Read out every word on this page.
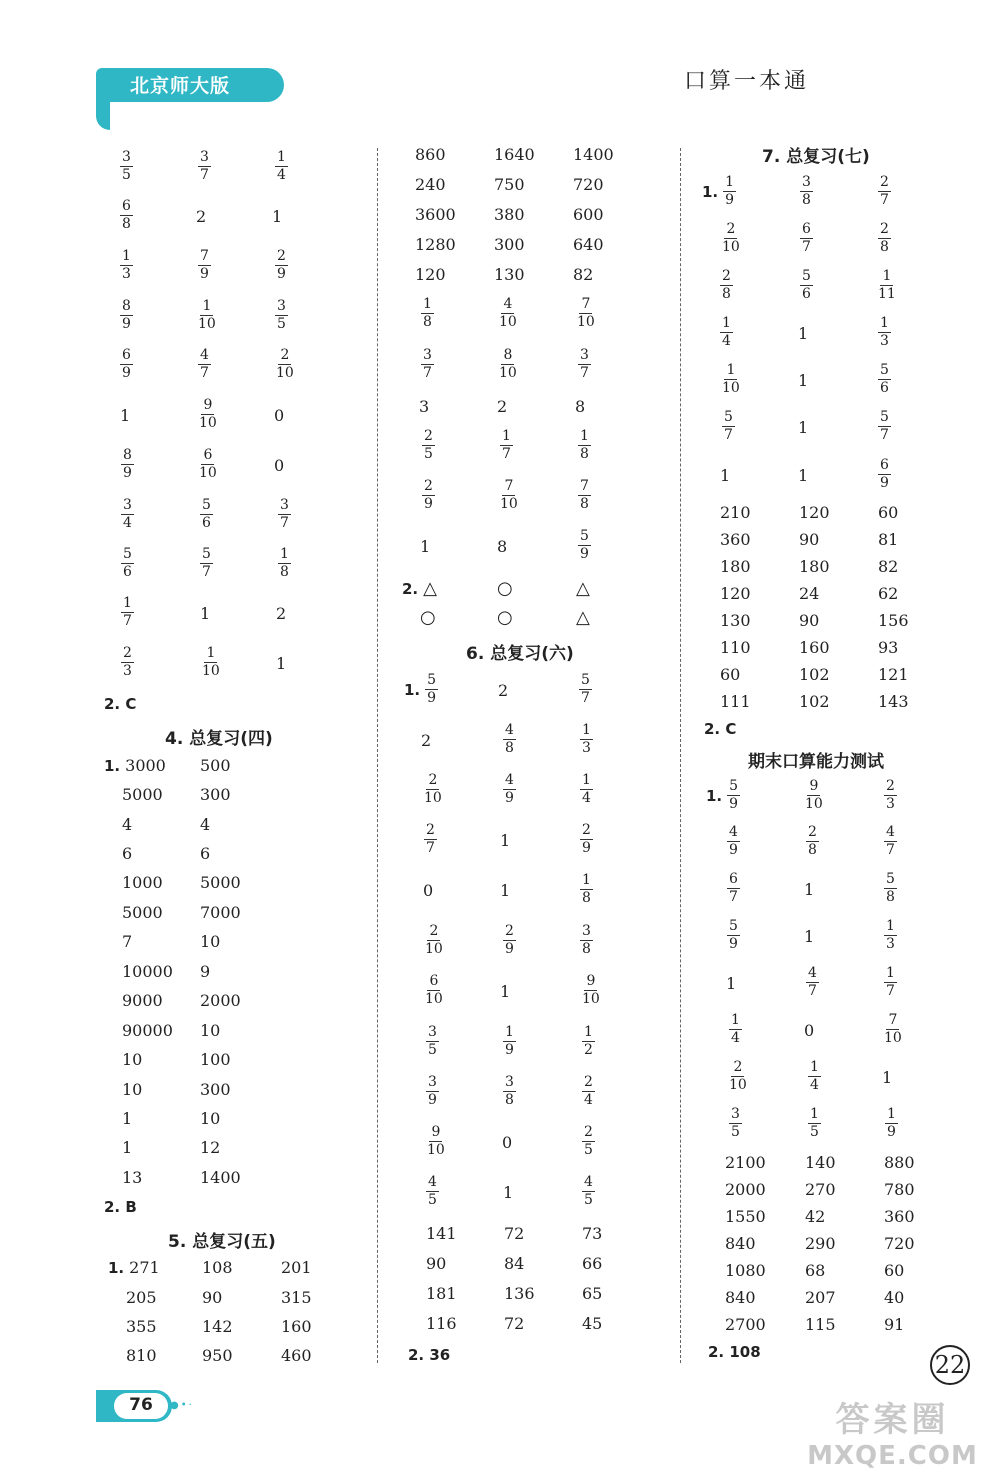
北京师大版	口算一本通
$\frac{3}{5}$	$\frac{3}{7}$	$\frac{1}{4}$
$\frac{6}{8}$	2	1
$\frac{1}{3}$	$\frac{7}{9}$	$\frac{2}{9}$
$\frac{8}{9}$	$\frac{1}{10}$	$\frac{3}{5}$
$\frac{6}{9}$	$\frac{4}{7}$	$\frac{2}{10}$
1	$\frac{9}{10}$	0
$\frac{8}{9}$	$\frac{6}{10}$	0
$\frac{3}{4}$	$\frac{5}{6}$	$\frac{3}{7}$
$\frac{5}{6}$	$\frac{5}{7}$	$\frac{1}{8}$
$\frac{1}{7}$	1	2
$\frac{2}{3}$	$\frac{1}{10}$	1
2. C
4. 总复习(四)
1. 3000 500
5000 300
4	4
6	6
1000 5000
5000 7000
7	10
10000 9
9000 2000
90000 10
10	100
10	300
1	10
1	12
13	1400
2. B
5. 总复习(五)
1. 271	108	201
205	90	315
355	142	160
810	950	460
860	1640 1400
240	750	720
3600 380	600
1280 300	640
120	130	82
$\frac{1}{8}$	$\frac{4}{10}$	$\frac{7}{10}$
$\frac{3}{7}$	$\frac{8}{10}$	$\frac{3}{7}$
3	2	8
$\frac{2}{5}$	$\frac{1}{7}$	$\frac{1}{8}$
$\frac{2}{9}$	$\frac{7}{10}$	$\frac{7}{8}$
1	8	$\frac{5}{9}$
2. △	○	△
○	○	△
6. 总复习(六)
1. $\frac{5}{9}$	2	$\frac{5}{7}$
2	$\frac{4}{8}$	$\frac{1}{3}$
$\frac{2}{10}$	$\frac{4}{9}$	$\frac{1}{4}$
$\frac{2}{7}$	1	$\frac{2}{9}$
0	1	$\frac{1}{8}$
$\frac{2}{10}$	$\frac{2}{9}$	$\frac{3}{8}$
$\frac{6}{10}$	1	$\frac{9}{10}$
$\frac{3}{5}$	$\frac{1}{9}$	$\frac{1}{2}$
$\frac{3}{9}$	$\frac{3}{8}$	$\frac{2}{4}$
$\frac{9}{10}$	0	$\frac{2}{5}$
$\frac{4}{5}$	1	$\frac{4}{5}$
141	72	73
90	84	66
181	136	65
116	72	45
2. 36
7. 总复习(七)
1. $\frac{1}{9}$	$\frac{3}{8}$	$\frac{2}{7}$
$\frac{2}{10}$	$\frac{6}{7}$	$\frac{2}{8}$
$\frac{2}{8}$	$\frac{5}{6}$	$\frac{1}{11}$
$\frac{1}{4}$	1	$\frac{1}{3}$
$\frac{1}{10}$	1	$\frac{5}{6}$
$\frac{5}{7}$	1	$\frac{5}{7}$
1	1	$\frac{6}{9}$
210	120	60
360	90	81
180	180	82
120	24	62
130	90	156
110	160	93
60	102	121
111	102	143
2. C
期末口算能力测试
1. $\frac{5}{9}$	$\frac{9}{10}$	$\frac{2}{3}$
$\frac{4}{9}$	$\frac{2}{8}$	$\frac{4}{7}$
$\frac{6}{7}$	1	$\frac{5}{8}$
$\frac{5}{9}$	1	$\frac{1}{3}$
1	$\frac{4}{7}$	$\frac{1}{7}$
$\frac{1}{4}$	0	$\frac{7}{10}$
$\frac{2}{10}$	$\frac{1}{4}$	1
$\frac{3}{5}$	$\frac{1}{5}$	$\frac{1}{9}$
2100 140	880
2000 270	780
1550 42	360
840	290	720
1080 68	60
840	207	40
2700 115	91
2. 108
76	●•·
22
答案圈
MXQE.COM
